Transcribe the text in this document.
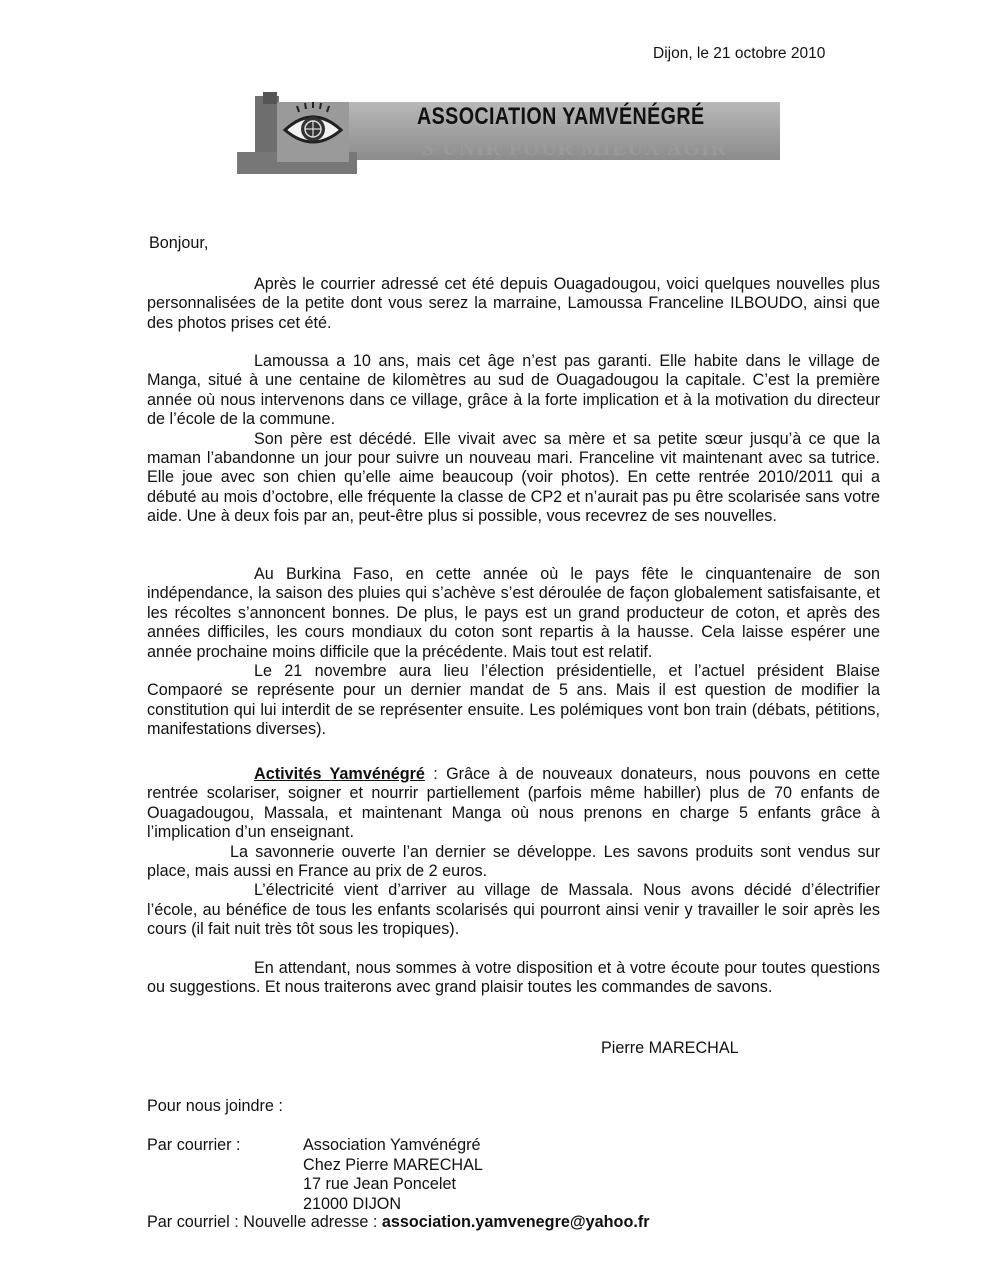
Dijon, le 21 octobre 2010
ASSOCIATION YAMVÉNÉGRÉ
S'UNIR POUR MIEUX AGIR
Bonjour,
Après le courrier adressé cet été depuis Ouagadougou, voici quelques nouvelles plus personnalisées de la petite dont vous serez la marraine, Lamoussa Franceline ILBOUDO, ainsi que des photos prises cet été.
Lamoussa a 10 ans, mais cet âge n’est pas garanti. Elle habite dans le village de Manga, situé à une centaine de kilomètres au sud de Ouagadougou la capitale. C’est la première année où nous intervenons dans ce village, grâce à la forte implication et à la motivation du directeur de l’école de la commune.
Son père est décédé. Elle vivait avec sa mère et sa petite sœur jusqu’à ce que la maman l’abandonne un jour pour suivre un nouveau mari. Franceline vit maintenant avec sa tutrice. Elle joue avec son chien qu’elle aime beaucoup (voir photos). En cette rentrée 2010/2011 qui a débuté au mois d’octobre, elle fréquente la classe de CP2 et n’aurait pas pu être scolarisée sans votre aide. Une à deux fois par an, peut-être plus si possible, vous recevrez de ses nouvelles.
Au Burkina Faso, en cette année où le pays fête le cinquantenaire de son indépendance, la saison des pluies qui s’achève s’est déroulée de façon globalement satisfaisante, et les récoltes s’annoncent bonnes. De plus, le pays est un grand producteur de coton, et après des années difficiles, les cours mondiaux du coton sont repartis à la hausse. Cela laisse espérer une année prochaine moins difficile que la précédente. Mais tout est relatif.
Le 21 novembre aura lieu l’élection présidentielle, et l’actuel président Blaise Compaoré se représente pour un dernier mandat de 5 ans. Mais il est question de modifier la constitution qui lui interdit de se représenter ensuite. Les polémiques vont bon train (débats, pétitions, manifestations diverses).
Activités Yamvénégré : Grâce à de nouveaux donateurs, nous pouvons en cette rentrée scolariser, soigner et nourrir partiellement (parfois même habiller) plus de 70 enfants de Ouagadougou, Massala, et maintenant Manga où nous prenons en charge 5 enfants grâce à l’implication d’un enseignant.
La savonnerie ouverte l’an dernier se développe. Les savons produits sont vendus sur place, mais aussi en France au prix de 2 euros.
L’électricité vient d’arriver au village de Massala. Nous avons décidé d’électrifier l’école, au bénéfice de tous les enfants scolarisés qui pourront ainsi venir y travailler le soir après les cours (il fait nuit très tôt sous les tropiques).
En attendant, nous sommes à votre disposition et à votre écoute pour toutes questions ou suggestions. Et nous traiterons avec grand plaisir toutes les commandes de savons.
Pierre MARECHAL
Pour nous joindre :
Par courrier :	Association Yamvénégré
Chez Pierre MARECHAL
17 rue Jean Poncelet
21000 DIJON
Par courriel : Nouvelle adresse : association.yamvenegre@yahoo.fr
